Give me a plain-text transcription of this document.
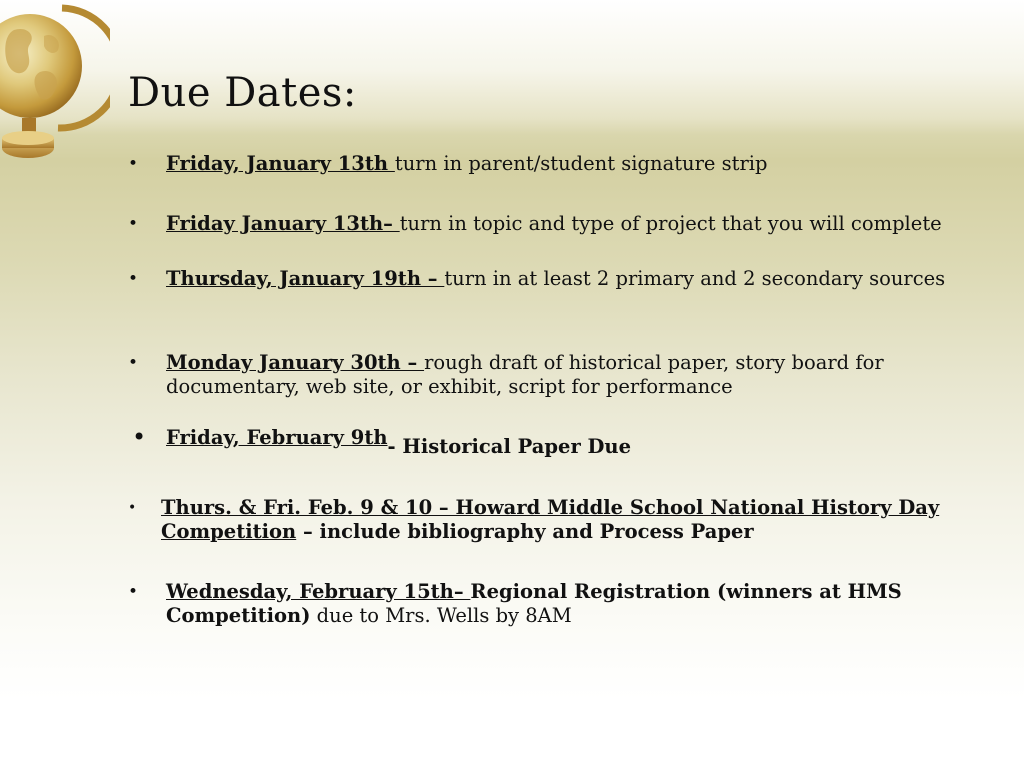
Due Dates:
•	Friday, January 13th turn in parent/student signature strip
•	Friday January 13th– turn in topic and type of project that you will complete
•	Thursday, January 19th – turn in at least 2 primary and 2 secondary sources
•	Monday January 30th – rough draft of historical paper, story board for documentary, web site, or exhibit, script for performance
• Friday, February 9th- Historical Paper Due
•	Thurs. & Fri. Feb. 9 & 10 – Howard Middle School National History Day Competition – include bibliography and Process Paper
•	Wednesday, February 15th– Regional Registration (winners at HMS Competition) due to Mrs. Wells by 8AM
